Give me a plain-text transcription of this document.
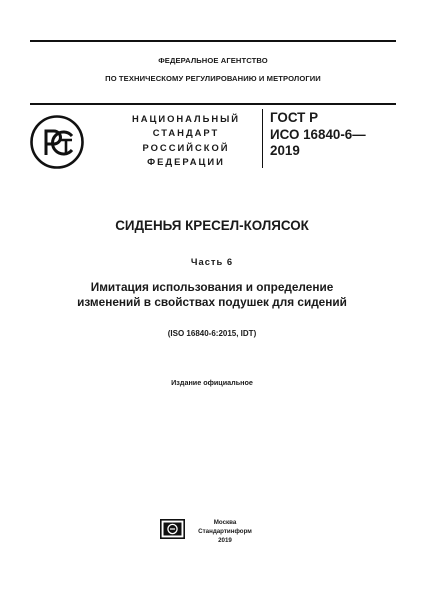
ФЕДЕРАЛЬНОЕ АГЕНТСТВО
ПО ТЕХНИЧЕСКОМУ РЕГУЛИРОВАНИЮ И МЕТРОЛОГИИ
НАЦИОНАЛЬНЫЙ
СТАНДАРТ
РОССИЙСКОЙ
ФЕДЕРАЦИИ
ГОСТ Р
ИСО 16840-6—
2019
СИДЕНЬЯ КРЕСЕЛ-КОЛЯСОК
Часть 6
Имитация использования и определение
изменений в свойствах подушек для сидений
(ISO 16840-6:2015, IDT)
Издание официальное
Москва
Стандартинформ
2019
